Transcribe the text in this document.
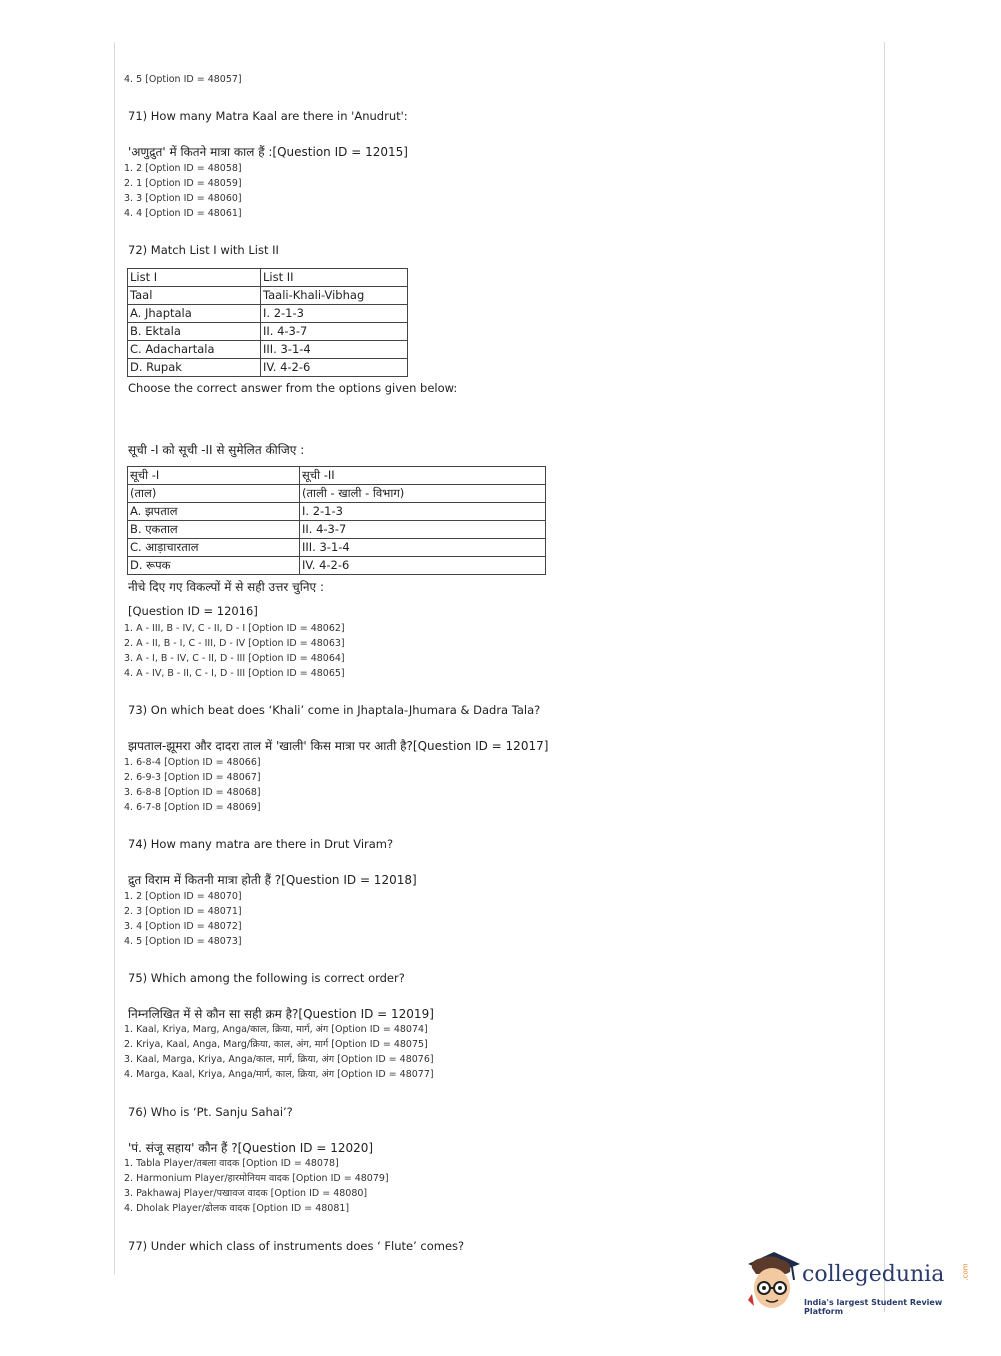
4. 5 [Option ID = 48057]
71) How many Matra Kaal are there in 'Anudrut':
'अणुद्रुत' में कितने मात्रा काल हैं :[Question ID = 12015]
1. 2 [Option ID = 48058]
2. 1 [Option ID = 48059]
3. 3 [Option ID = 48060]
4. 4 [Option ID = 48061]
72) Match List I with List II
List I	List II
Taal	Taali-Khali-Vibhag
A. Jhaptala	I. 2-1-3
B. Ektala	II. 4-3-7
C. Adachartala	III. 3-1-4
D. Rupak	IV. 4-2-6
Choose the correct answer from the options given below:
सूची -I को सूची -II से सुमेलित कीजिए :
सूची -I	सूची -II
(ताल)	(ताली - खाली - विभाग)
A. झपताल	I. 2-1-3
B. एकताल	II. 4-3-7
C. आड़ाचारताल	III. 3-1-4
D. रूपक	IV. 4-2-6
नीचे दिए गए विकल्पों में से सही उत्तर चुनिए :
[Question ID = 12016]
1. A - III, B - IV, C - II, D - I [Option ID = 48062]
2. A - II, B - I, C - III, D - IV [Option ID = 48063]
3. A - I, B - IV, C - II, D - III [Option ID = 48064]
4. A - IV, B - II, C - I, D - III [Option ID = 48065]
73) On which beat does ‘Khali’ come in Jhaptala-Jhumara & Dadra Tala?
झपताल-झूमरा और दादरा ताल में 'खाली' किस मात्रा पर आती है?[Question ID = 12017]
1. 6-8-4 [Option ID = 48066]
2. 6-9-3 [Option ID = 48067]
3. 6-8-8 [Option ID = 48068]
4. 6-7-8 [Option ID = 48069]
74) How many matra are there in Drut Viram?
द्रुत विराम में कितनी मात्रा होती हैं ?[Question ID = 12018]
1. 2 [Option ID = 48070]
2. 3 [Option ID = 48071]
3. 4 [Option ID = 48072]
4. 5 [Option ID = 48073]
75) Which among the following is correct order?
निम्नलिखित में से कौन सा सही क्रम है?[Question ID = 12019]
1. Kaal, Kriya, Marg, Anga/काल, क्रिया, मार्ग, अंग [Option ID = 48074]
2. Kriya, Kaal, Anga, Marg/क्रिया, काल, अंग, मार्ग [Option ID = 48075]
3. Kaal, Marga, Kriya, Anga/काल, मार्ग, क्रिया, अंग [Option ID = 48076]
4. Marga, Kaal, Kriya, Anga/मार्ग, काल, क्रिया, अंग [Option ID = 48077]
76) Who is ‘Pt. Sanju Sahai’?
'पं. संजू सहाय' कौन हैं ?[Question ID = 12020]
1. Tabla Player/तबला वादक [Option ID = 48078]
2. Harmonium Player/हारमोनियम वादक [Option ID = 48079]
3. Pakhawaj Player/पखावज वादक [Option ID = 48080]
4. Dholak Player/ढोलक वादक [Option ID = 48081]
77) Under which class of instruments does ‘ Flute’ comes?
collegedunia .com
India's largest Student Review Platform
